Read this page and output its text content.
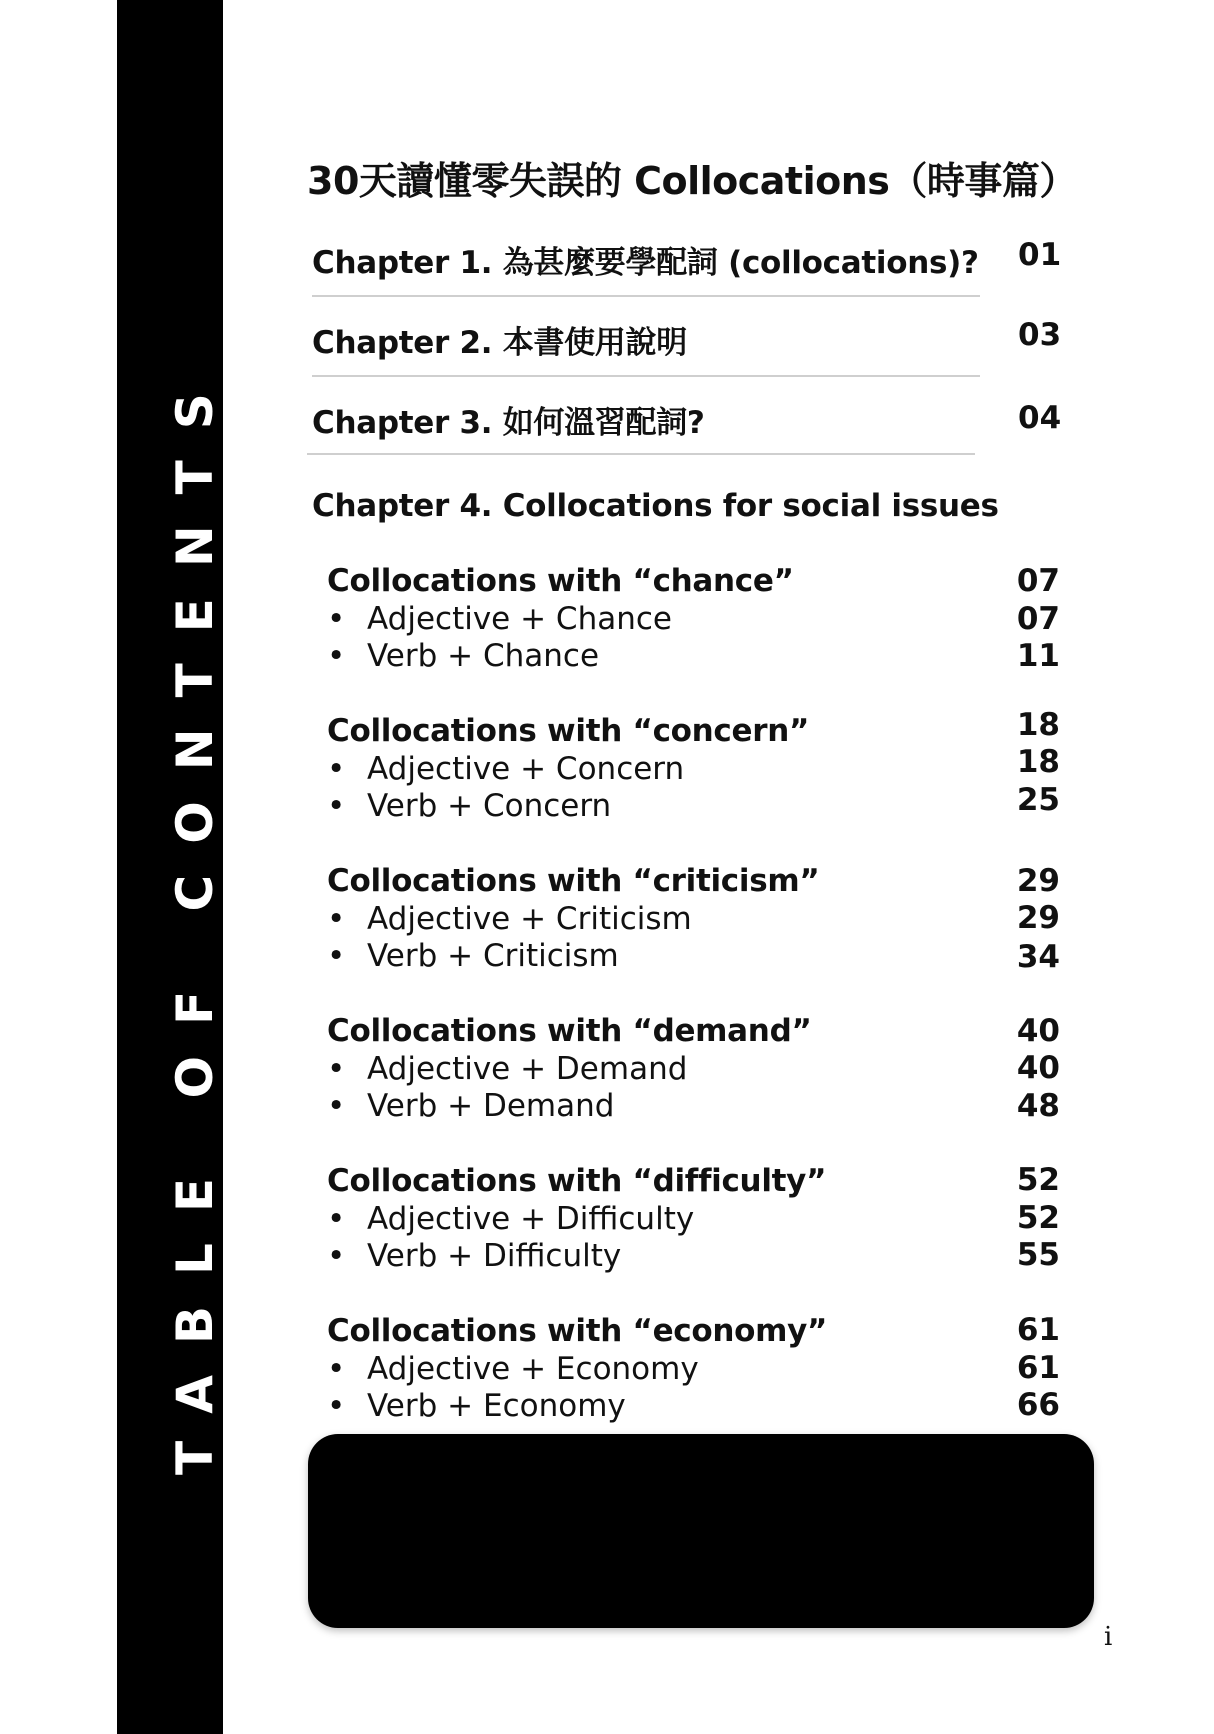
TABLE OF CONTENTS
30天讀懂零失誤的 Collocations（時事篇）
Chapter 1. 為甚麼要學配詞 (collocations)? 01
Chapter 2. 本書使用說明	03
Chapter 3. 如何溫習配詞?	04
Chapter 4. Collocations for social issues
Collocations with “chance”	07
• Adjective + Chance	07
• Verb + Chance	11
Collocations with “concern”	18
• Adjective + Concern	18
• Verb + Concern	25
Collocations with “criticism”	29
• Adjective + Criticism	29
• Verb + Criticism	34
Collocations with “demand”	40
• Adjective + Demand	40
• Verb + Demand	48
Collocations with “difficulty”	52
• Adjective + Difficulty	52
• Verb + Difficulty	55
Collocations with “economy”	61
• Adjective + Economy	61
• Verb + Economy	66
i
